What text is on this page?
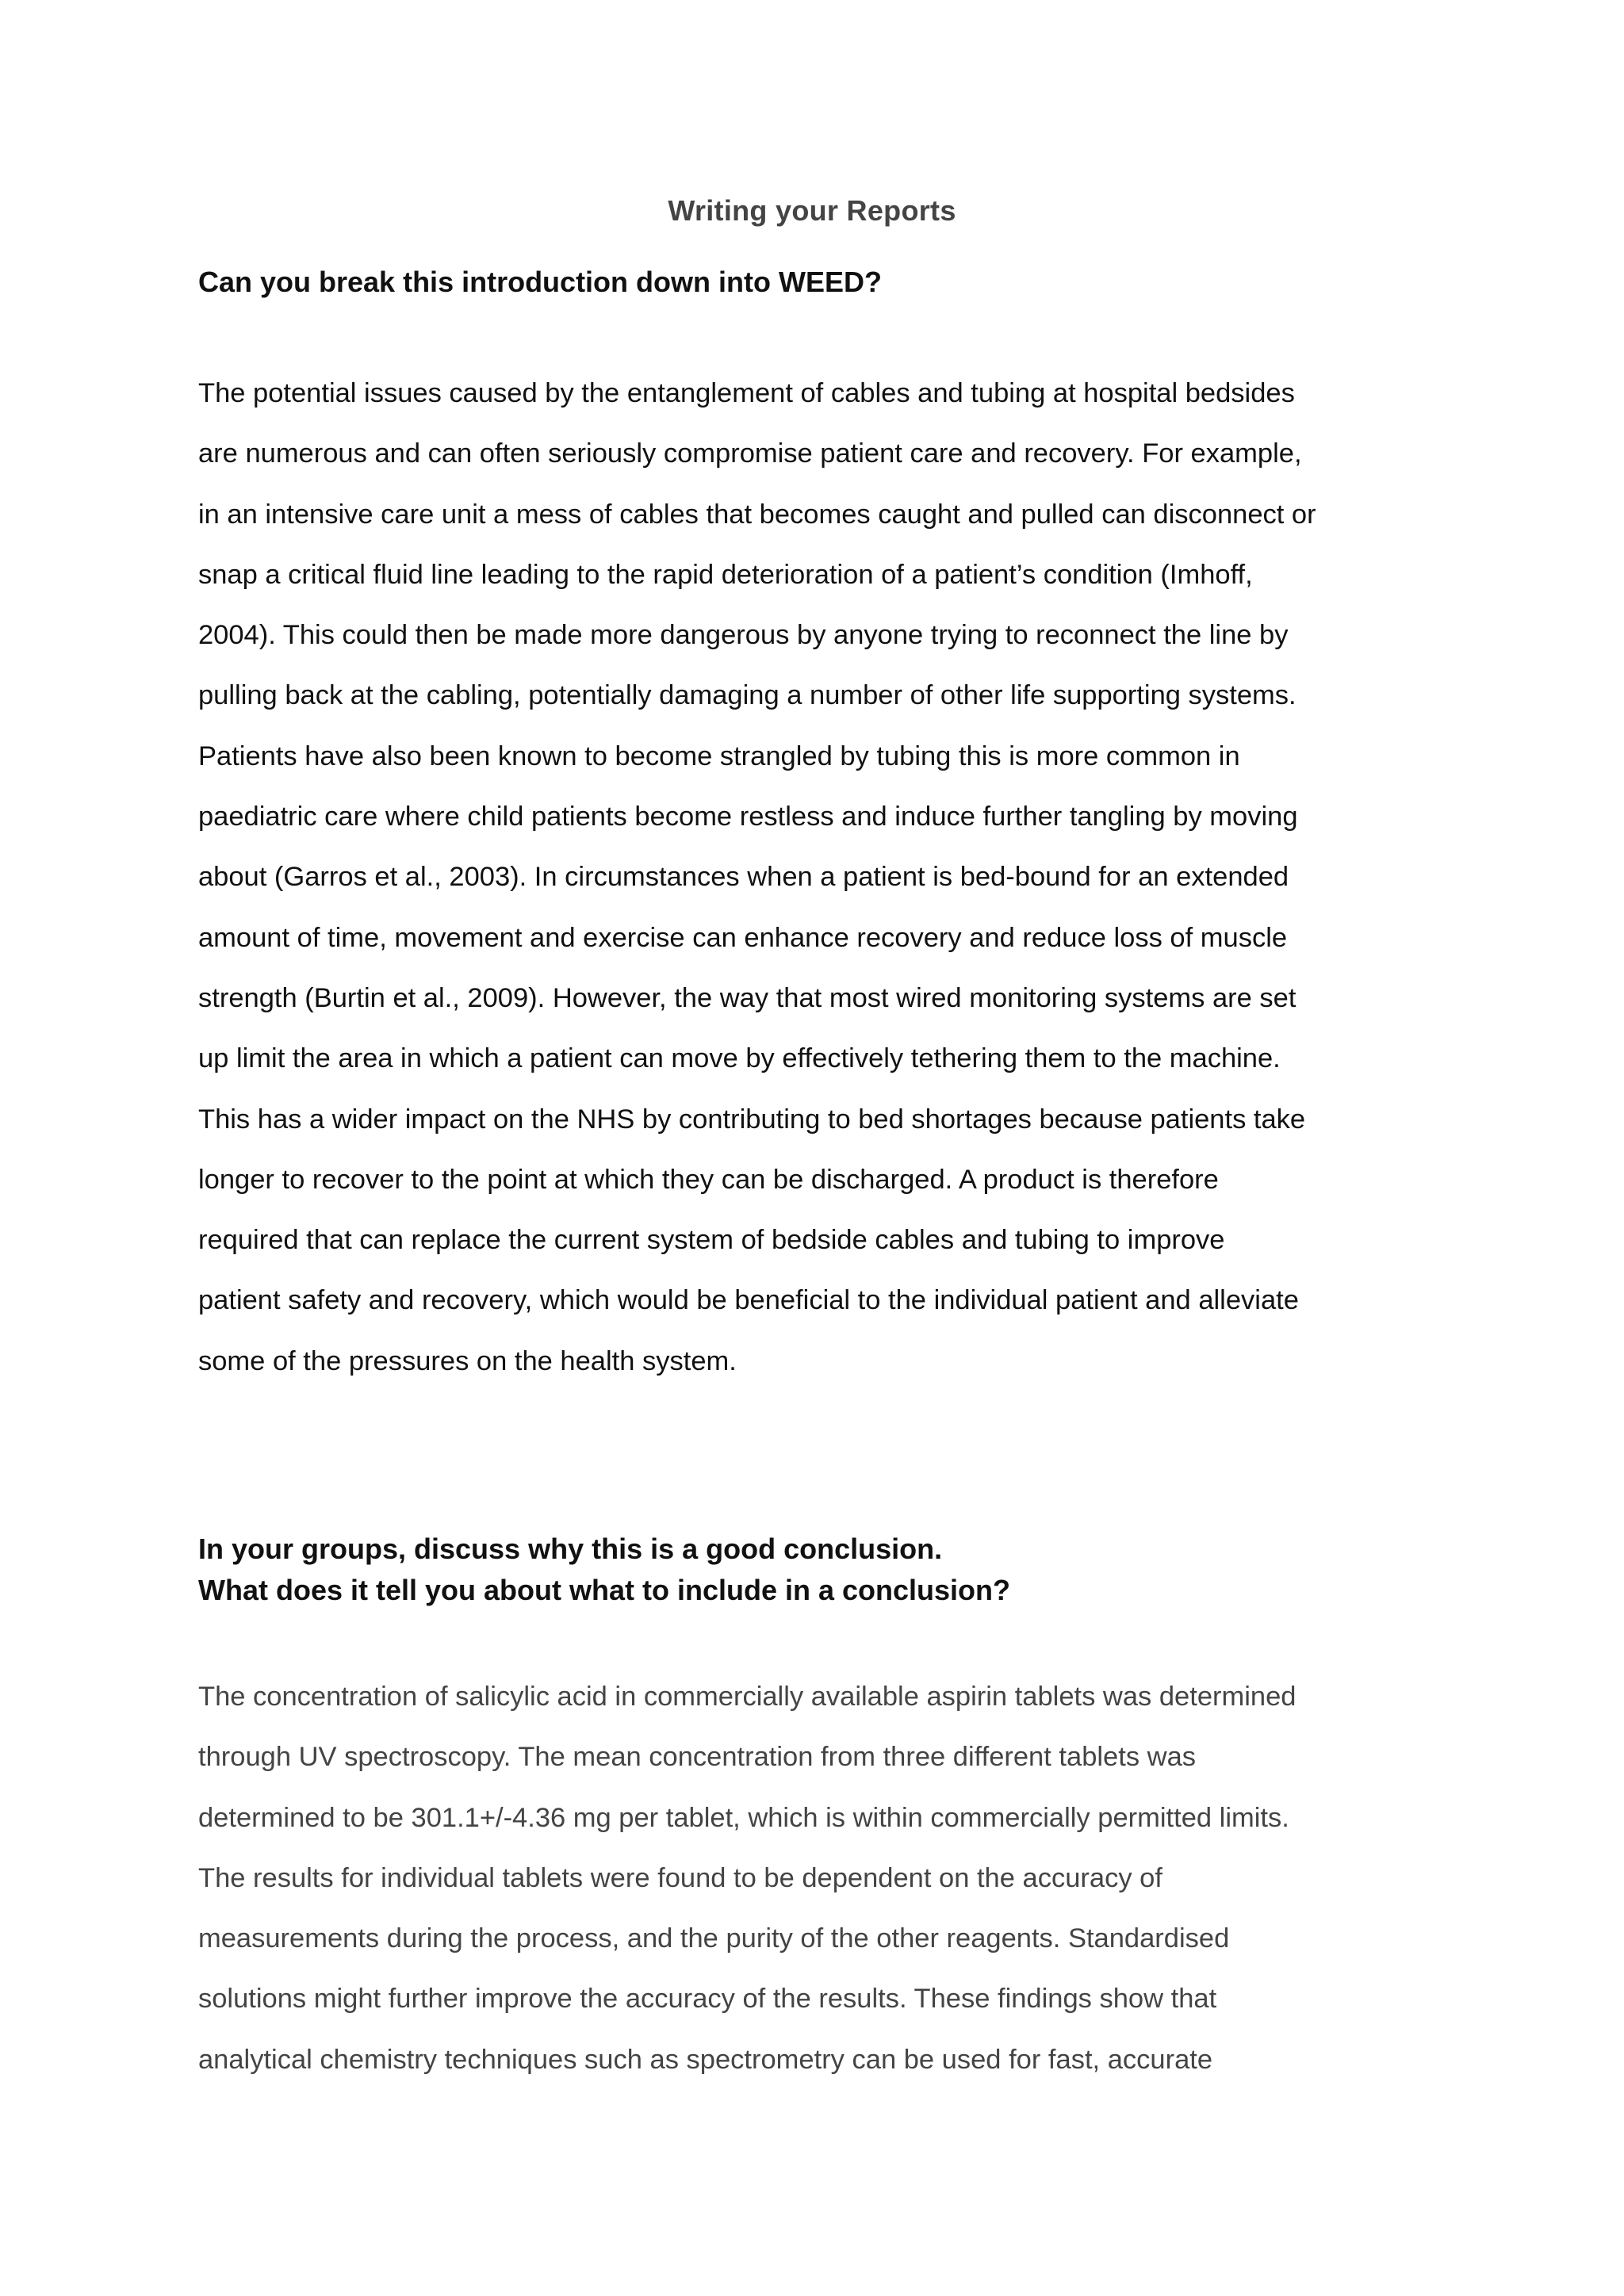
Writing your Reports
Can you break this introduction down into WEED?
The potential issues caused by the entanglement of cables and tubing at hospital bedsides
are numerous and can often seriously compromise patient care and recovery. For example,
in an intensive care unit a mess of cables that becomes caught and pulled can disconnect or
snap a critical fluid line leading to the rapid deterioration of a patient’s condition (Imhoff,
2004). This could then be made more dangerous by anyone trying to reconnect the line by
pulling back at the cabling, potentially damaging a number of other life supporting systems.
Patients have also been known to become strangled by tubing this is more common in
paediatric care where child patients become restless and induce further tangling by moving
about (Garros et al., 2003). In circumstances when a patient is bed-bound for an extended
amount of time, movement and exercise can enhance recovery and reduce loss of muscle
strength (Burtin et al., 2009). However, the way that most wired monitoring systems are set
up limit the area in which a patient can move by effectively tethering them to the machine.
This has a wider impact on the NHS by contributing to bed shortages because patients take
longer to recover to the point at which they can be discharged. A product is therefore
required that can replace the current system of bedside cables and tubing to improve
patient safety and recovery, which would be beneficial to the individual patient and alleviate
some of the pressures on the health system.
In your groups, discuss why this is a good conclusion.
What does it tell you about what to include in a conclusion?
The concentration of salicylic acid in commercially available aspirin tablets was determined
through UV spectroscopy. The mean concentration from three different tablets was
determined to be 301.1+/-4.36 mg per tablet, which is within commercially permitted limits.
The results for individual tablets were found to be dependent on the accuracy of
measurements during the process, and the purity of the other reagents. Standardised
solutions might further improve the accuracy of the results. These findings show that
analytical chemistry techniques such as spectrometry can be used for fast, accurate
